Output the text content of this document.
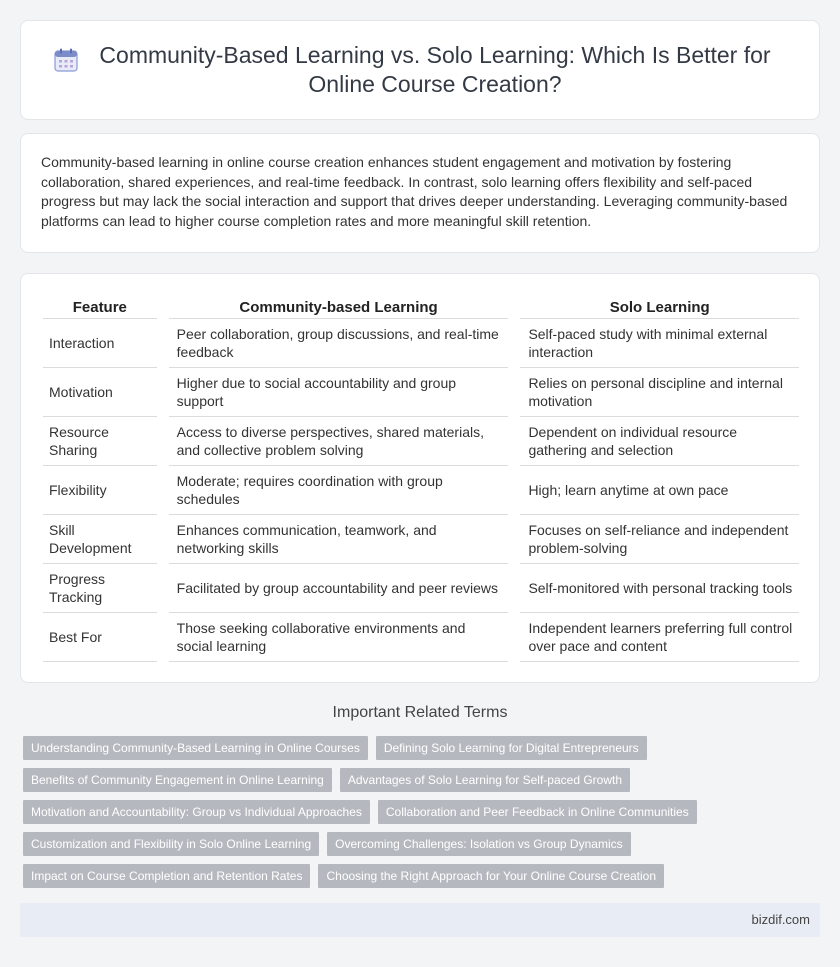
Community-Based Learning vs. Solo Learning: Which Is Better for Online Course Creation?

Community-based learning in online course creation enhances student engagement and motivation by fostering collaboration, shared experiences, and real-time feedback. In contrast, solo learning offers flexibility and self-paced progress but may lack the social interaction and support that drives deeper understanding. Leveraging community-based platforms can lead to higher course completion rates and more meaningful skill retention.

Feature		Community-based Learning		Solo Learning
Interaction		Peer collaboration, group discussions, and real-time feedback		Self-paced study with minimal external interaction
Motivation		Higher due to social accountability and group support		Relies on personal discipline and internal motivation
Resource Sharing		Access to diverse perspectives, shared materials, and collective problem solving		Dependent on individual resource gathering and selection
Flexibility		Moderate; requires coordination with group schedules		High; learn anytime at own pace
Skill Development		Enhances communication, teamwork, and networking skills		Focuses on self-reliance and independent problem-solving
Progress Tracking		Facilitated by group accountability and peer reviews		Self-monitored with personal tracking tools
Best For		Those seeking collaborative environments and social learning		Independent learners preferring full control over pace and content
Important Related Terms
Understanding Community-Based Learning in Online Courses	Defining Solo Learning for Digital Entrepreneurs
Benefits of Community Engagement in Online Learning	Advantages of Solo Learning for Self-paced Growth
Motivation and Accountability: Group vs Individual Approaches	Collaboration and Peer Feedback in Online Communities
Customization and Flexibility in Solo Online Learning	Overcoming Challenges: Isolation vs Group Dynamics
Impact on Course Completion and Retention Rates	Choosing the Right Approach for Your Online Course Creation
bizdif.com
